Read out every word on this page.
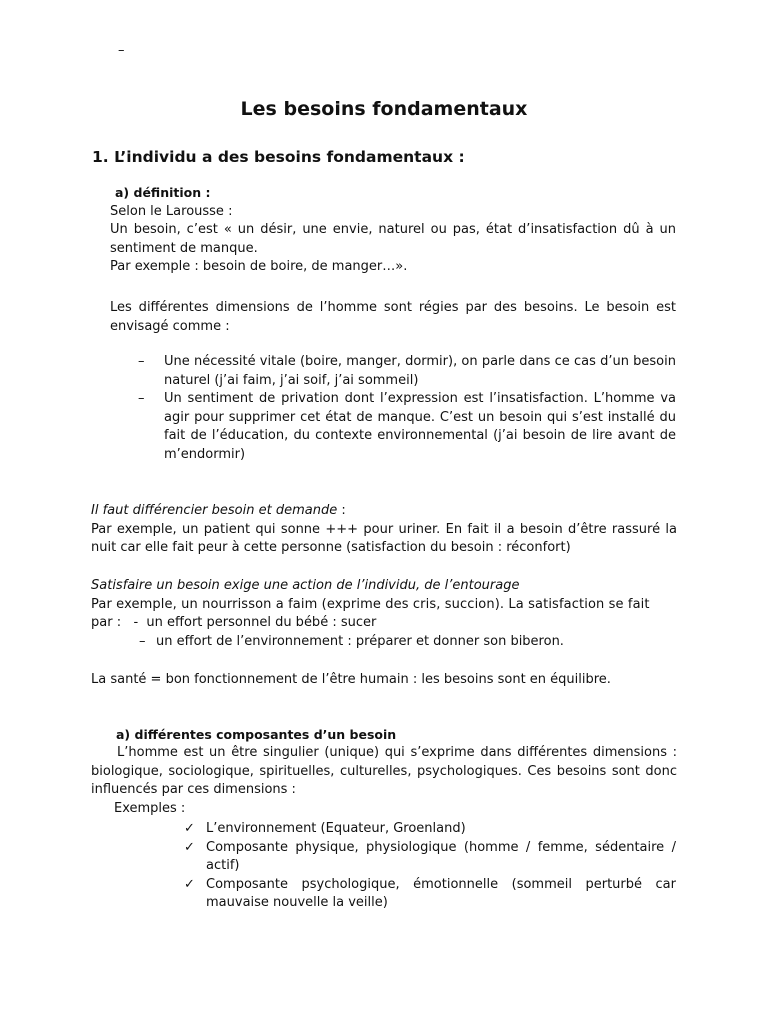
–
Les besoins fondamentaux
1. L’individu a des besoins fondamentaux :
a) définition :
Selon le Larousse :
Un besoin, c’est « un désir, une envie, naturel ou pas, état d’insatisfaction dû à un sentiment de manque.
Par exemple : besoin de boire, de manger…».
Les différentes dimensions de l’homme sont régies par des besoins. Le besoin est envisagé comme :
–	Une nécessité vitale (boire, manger, dormir), on parle dans ce cas d’un besoin naturel (j’ai faim, j’ai soif, j’ai sommeil)
–	Un sentiment de privation dont l’expression est l’insatisfaction. L’homme va agir pour supprimer cet état de manque. C’est un besoin qui s’est installé du fait de l’éducation, du contexte environnemental (j’ai besoin de lire avant de m’endormir)
Il faut différencier besoin et demande :
Par exemple, un patient qui sonne +++ pour uriner. En fait il a besoin d’être rassuré la nuit car elle fait peur à cette personne (satisfaction du besoin : réconfort)
Satisfaire un besoin exige une action de l’individu, de l’entourage
Par exemple, un nourrisson a faim (exprime des cris, succion). La satisfaction se fait
par :   -  un effort personnel du bébé : sucer
– un effort de l’environnement : préparer et donner son biberon.
La santé = bon fonctionnement de l’être humain : les besoins sont en équilibre.
a) différentes composantes d’un besoin
L’homme est un être singulier (unique) qui s’exprime dans différentes dimensions : biologique, sociologique, spirituelles, culturelles, psychologiques. Ces besoins sont donc influencés par ces dimensions :
Exemples :
✓ L’environnement (Equateur, Groenland)
✓ Composante physique, physiologique (homme / femme, sédentaire / actif)
✓ Composante psychologique, émotionnelle (sommeil perturbé car mauvaise nouvelle la veille)
